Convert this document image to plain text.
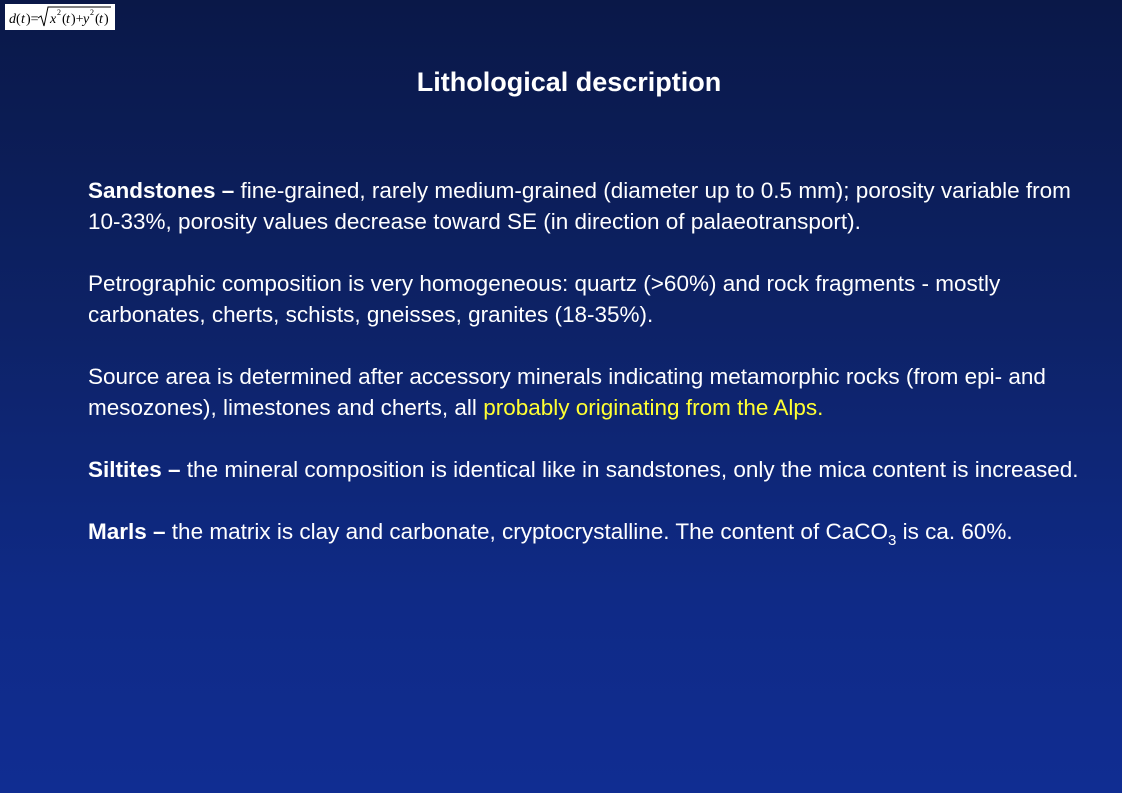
d ( t )= x 2 ( t )+ y 2 ( t )
Lithological description

Sandstones – fine-grained, rarely medium-grained (diameter up to 0.5 mm); porosity variable from 10-33%, porosity values decrease toward SE (in direction of palaeotransport).

Petrographic composition is very homogeneous: quartz (>60%) and rock fragments - mostly carbonates, cherts, schists, gneisses, granites (18-35%).

Source area is determined after accessory minerals indicating metamorphic rocks (from epi- and mesozones), limestones and cherts, all probably originating from the Alps.

Siltites – the mineral composition is identical like in sandstones, only the mica content is increased.

Marls – the matrix is clay and carbonate, cryptocrystalline. The content of CaCO$_3$ is ca. 60%.
